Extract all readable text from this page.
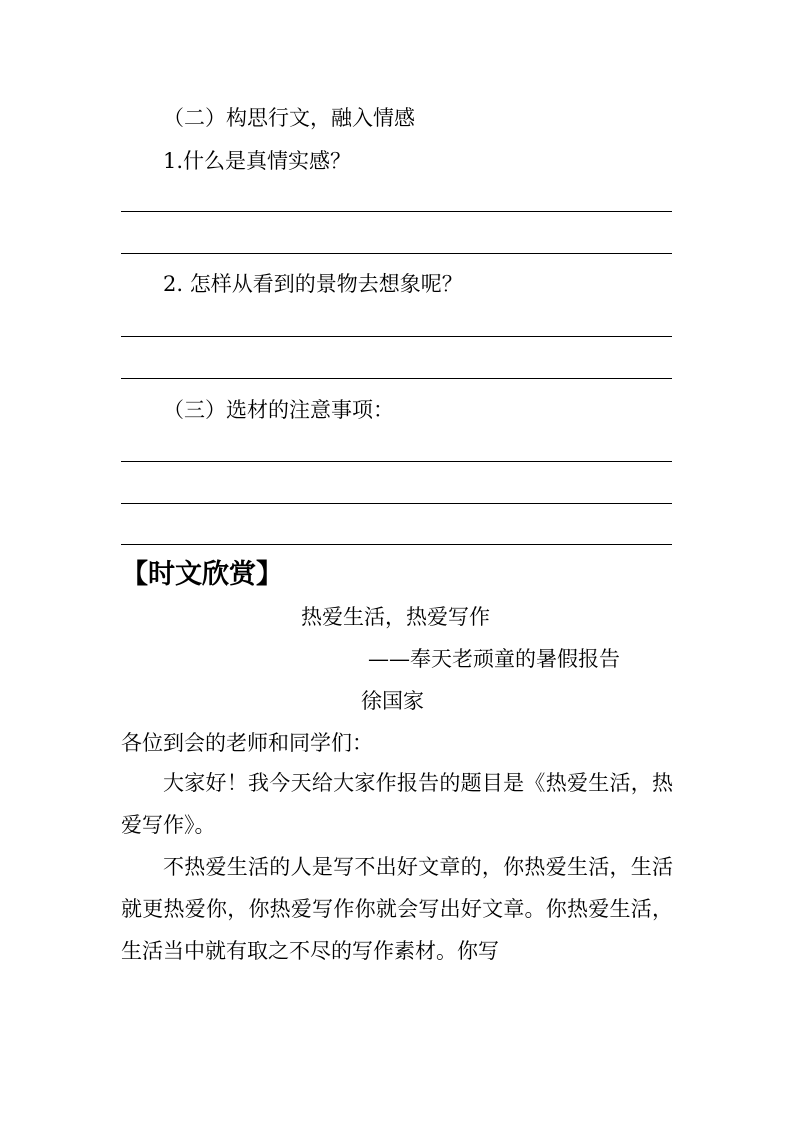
（二）构思行文，融入情感
1.什么是真情实感？
2. 怎样从看到的景物去想象呢？
（三）选材的注意事项：
【时文欣赏】
热爱生活，热爱写作
——奉天老顽童的暑假报告
徐国家
各位到会的老师和同学们：

大家好！我今天给大家作报告的题目是《热爱生活，热爱写作》。

不热爱生活的人是写不出好文章的，你热爱生活，生活就更热爱你，你热爱写作你就会写出好文章。你热爱生活，生活当中就有取之不尽的写作素材。你写
